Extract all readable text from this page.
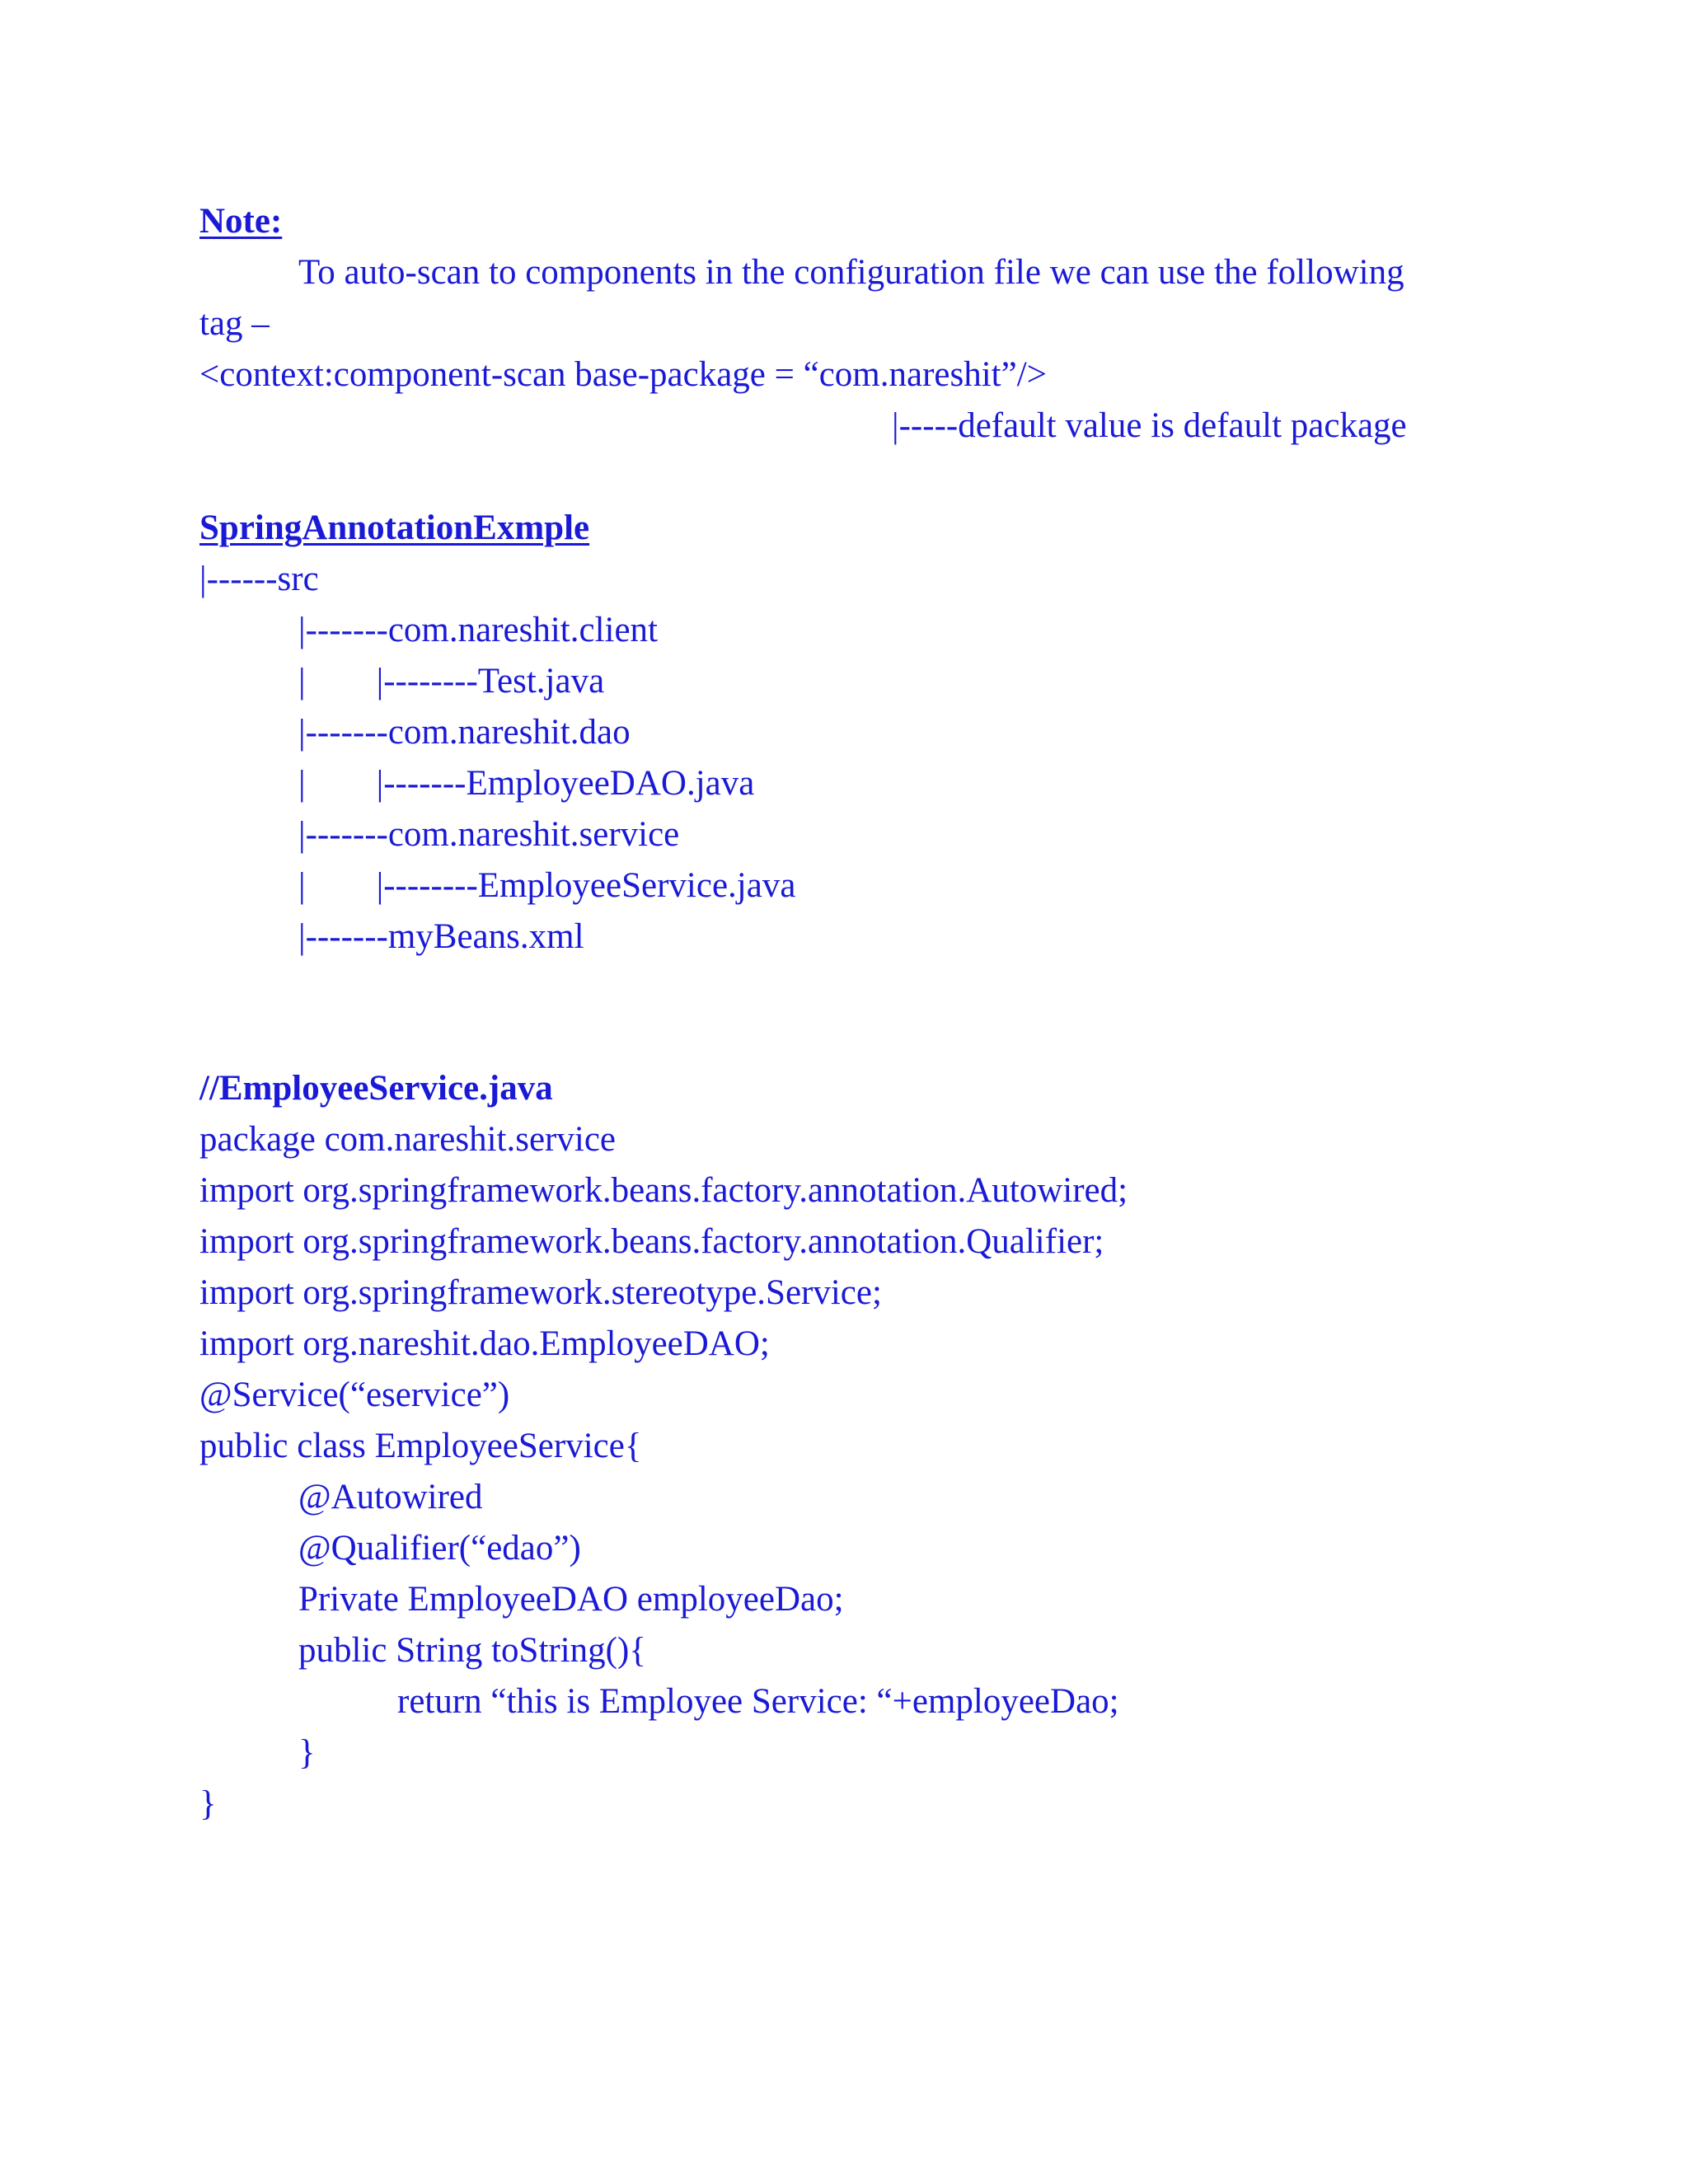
Note:
To auto-scan to components in the configuration file we can use the following
tag –
<context:component-scan base-package = “com.nareshit”/>
|-----default value is default package
SpringAnnotationExmple
|------src
|-------com.nareshit.client
|        |--------Test.java
|-------com.nareshit.dao
|        |-------EmployeeDAO.java
|-------com.nareshit.service
|        |--------EmployeeService.java
|-------myBeans.xml
//EmployeeService.java
package com.nareshit.service
import org.springframework.beans.factory.annotation.Autowired;
import org.springframework.beans.factory.annotation.Qualifier;
import org.springframework.stereotype.Service;
import org.nareshit.dao.EmployeeDAO;
@Service(“eservice”)
public class EmployeeService{
@Autowired
@Qualifier(“edao”)
Private EmployeeDAO employeeDao;
public String toString(){
return “this is Employee Service: “+employeeDao;
}
}
